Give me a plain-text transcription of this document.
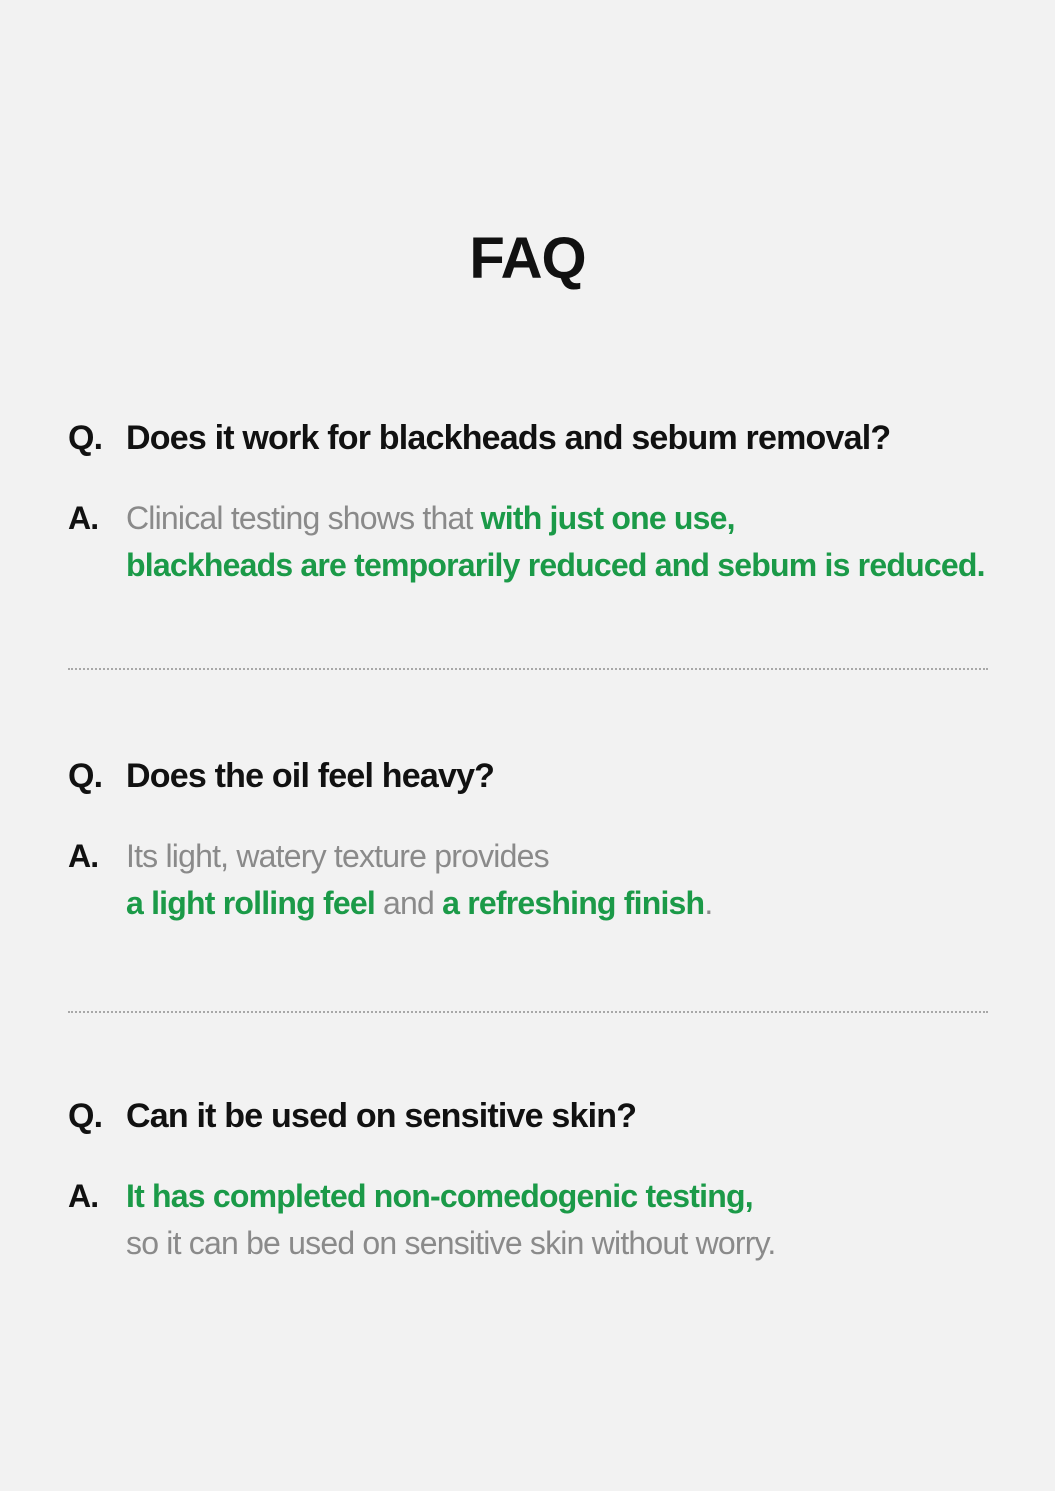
FAQ
Q. Does it work for blackheads and sebum removal?
A. Clinical testing shows that with just one use,
blackheads are temporarily reduced and sebum is reduced.
Q. Does the oil feel heavy?
A. Its light, watery texture provides
a light rolling feel and a refreshing finish.
Q. Can it be used on sensitive skin?
A. It has completed non-comedogenic testing,
so it can be used on sensitive skin without worry.
